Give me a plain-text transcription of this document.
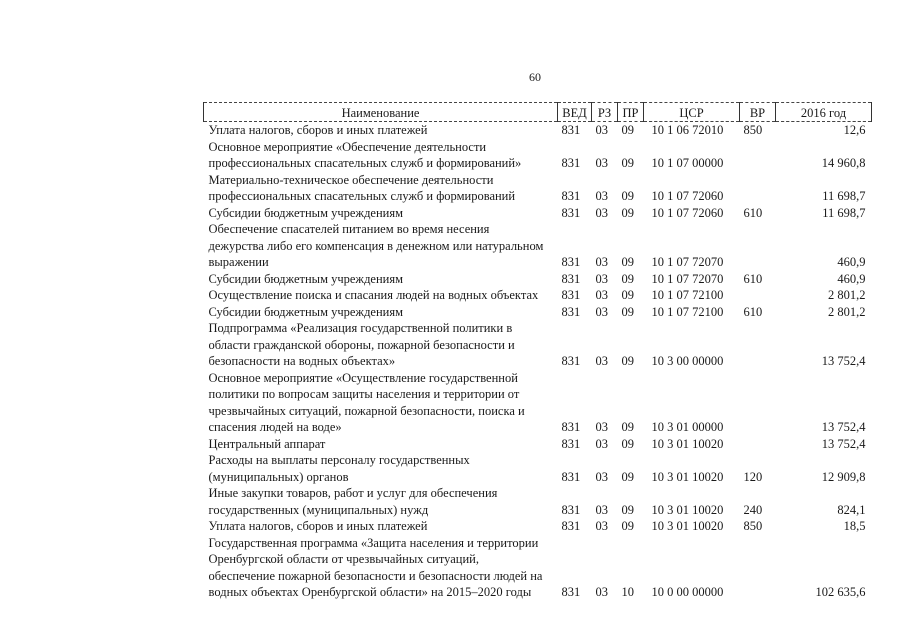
60
Наименование	ВЕД	РЗ	ПР	ЦСР	ВР	2016 год
Уплата налогов, сборов и иных платежей	831	03	09	10 1 06 72010	850	12,6
Основное мероприятие «Обеспечение деятельности
профессиональных спасательных служб и формирований»	831	03	09	10 1 07 00000		14 960,8
Материально-техническое обеспечение деятельности
профессиональных спасательных служб и формирований	831	03	09	10 1 07 72060		11 698,7
Субсидии бюджетным учреждениям	831	03	09	10 1 07 72060	610	11 698,7
Обеспечение спасателей питанием во время несения
дежурства либо его компенсация в денежном или натуральном
выражении	831	03	09	10 1 07 72070		460,9
Субсидии бюджетным учреждениям	831	03	09	10 1 07 72070	610	460,9
Осуществление поиска и спасания людей на водных объектах	831	03	09	10 1 07 72100		2 801,2
Субсидии бюджетным учреждениям	831	03	09	10 1 07 72100	610	2 801,2
Подпрограмма «Реализация государственной политики в
области гражданской обороны, пожарной безопасности и
безопасности на водных объектах»	831	03	09	10 3 00 00000		13 752,4
Основное мероприятие «Осуществление государственной
политики по вопросам защиты населения и территории от
чрезвычайных ситуаций, пожарной безопасности, поиска и
спасения людей на воде»	831	03	09	10 3 01 00000		13 752,4
Центральный аппарат	831	03	09	10 3 01 10020		13 752,4
Расходы на выплаты персоналу государственных
(муниципальных) органов	831	03	09	10 3 01 10020	120	12 909,8
Иные закупки товаров, работ и услуг для обеспечения
государственных (муниципальных) нужд	831	03	09	10 3 01 10020	240	824,1
Уплата налогов, сборов и иных платежей	831	03	09	10 3 01 10020	850	18,5
Государственная программа «Защита населения и территории
Оренбургской области от чрезвычайных ситуаций,
обеспечение пожарной безопасности и безопасности людей на
водных объектах Оренбургской области» на 2015–2020 годы	831	03	10	10 0 00 00000		102 635,6
